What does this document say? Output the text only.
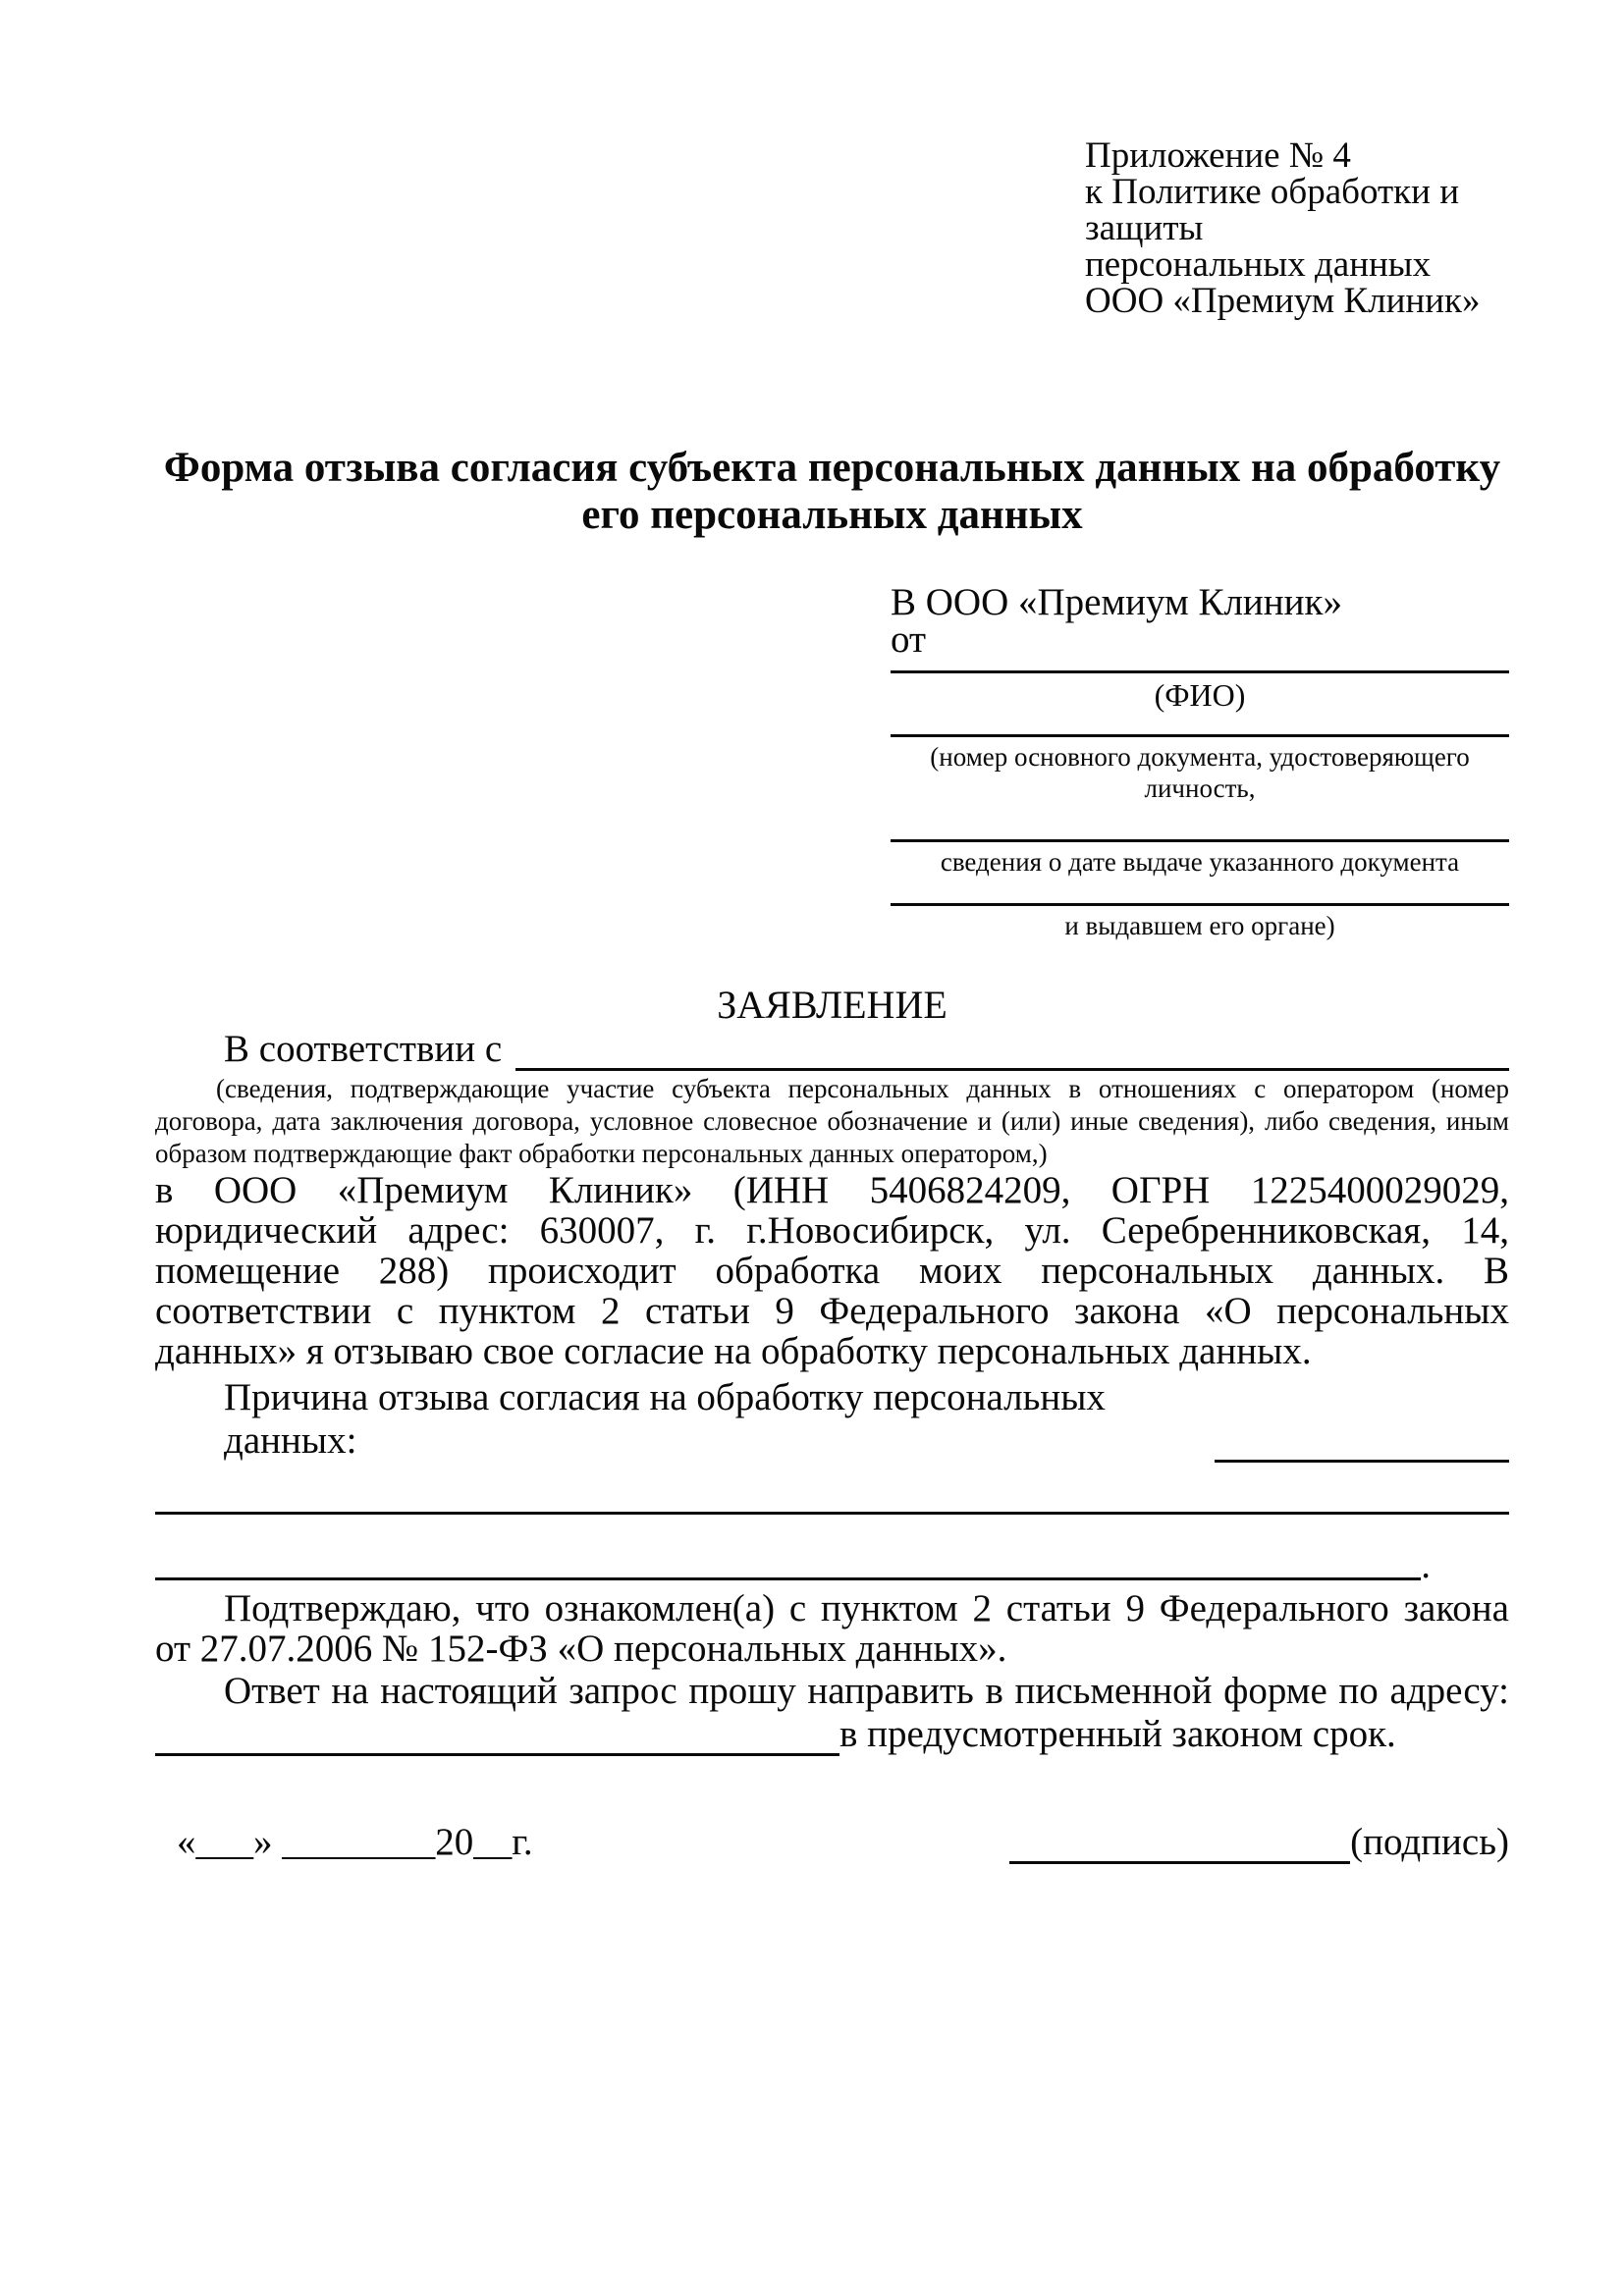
Приложение № 4
к Политике обработки и защиты
персональных данных
ООО «Премиум Клиник»
Форма отзыва согласия субъекта персональных данных на обработку его персональных данных
В ООО «Премиум Клиник»
от
(ФИО)
(номер основного документа, удостоверяющего личность,
сведения о дате выдаче указанного документа
и выдавшем его органе)
ЗАЯВЛЕНИЕ
В соответствии с

(сведения, подтверждающие участие субъекта персональных данных в отношениях с оператором (номер договора, дата заключения договора, условное словесное обозначение и (или) иные сведения), либо сведения, иным образом подтверждающие факт обработки персональных данных оператором,)

в ООО «Премиум Клиник» (ИНН 5406824209, ОГРН 1225400029029, юридический адрес: 630007, г. г.Новосибирск, ул. Серебренниковская, 14, помещение 288) происходит обработка моих персональных данных. В соответствии с пунктом 2 статьи 9 Федерального закона «О персональных данных» я отзываю свое согласие на обработку персональных данных.

Причина отзыва согласия на обработку персональных данных:
.

Подтверждаю, что ознакомлен(а) с пунктом 2 статьи 9 Федерального закона от 27.07.2006 № 152-ФЗ «О персональных данных».

Ответ на настоящий запрос прошу направить в письменной форме по адресу:

в предусмотренный законом срок.
«___» ________20__г.	(подпись)
